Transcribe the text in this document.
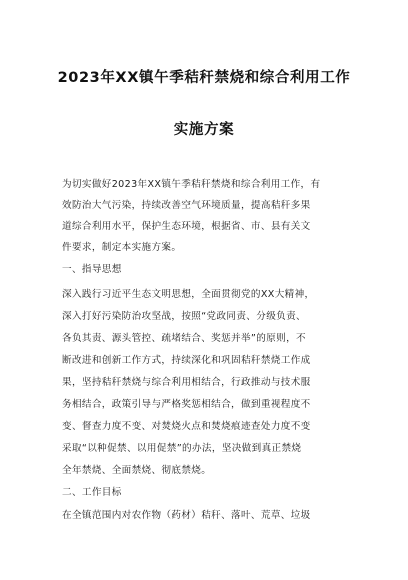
2023年XX镇午季秸秆禁烧和综合利用工作
实施方案
为切实做好2023年XX镇午季秸秆禁烧和综合利用工作，有
效防治大气污染，持续改善空气环境质量，提高秸秆多果
道综合利用水平，保护生态环境，根据省、市、县有关文
件要求，制定本实施方案。
一、指导思想
深入践行习近平生态文明思想，全面贯彻党的XX大精神，
深入打好污染防治攻坚战，按照“党政同责、分级负责、
各负其责、源头管控、疏堵结合、奖惩并举”的原则，不
断改进和创新工作方式，持续深化和巩固秸秆禁烧工作成
果，坚持秸秆禁烧与综合利用相结合，行政推动与技术服
务相结合，政策引导与严格奖惩相结合，做到重视程度不
变、督查力度不变、对焚烧火点和焚烧痕迹查处力度不变
采取“以种促禁、以用促禁”的办法，坚决做到真正禁烧
全年禁烧、全面禁烧、彻底禁烧。
二、工作目标
在全镇范围内对农作物（药材）秸秆、落叶、荒草、垃圾
